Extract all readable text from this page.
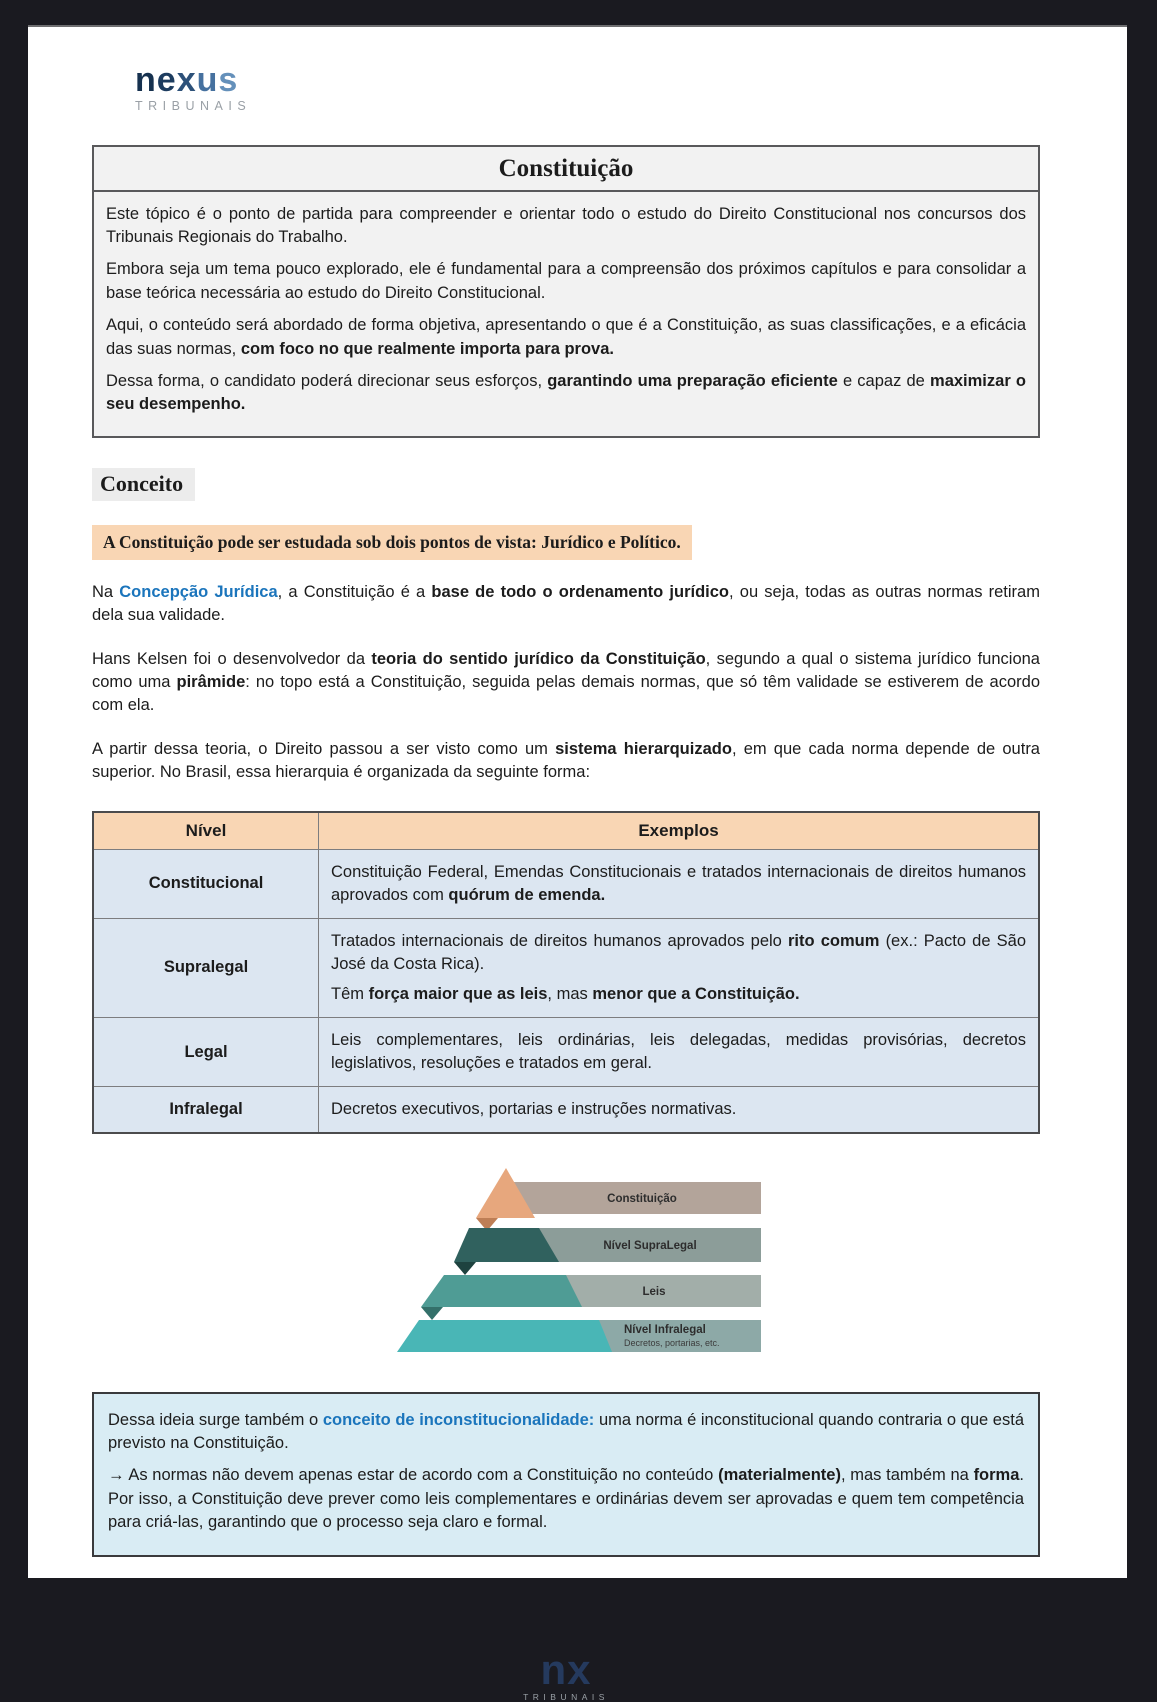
nexus
TRIBUNAIS
Constituição

Este tópico é o ponto de partida para compreender e orientar todo o estudo do Direito Constitucional nos concursos dos Tribunais Regionais do Trabalho.

Embora seja um tema pouco explorado, ele é fundamental para a compreensão dos próximos capítulos e para consolidar a base teórica necessária ao estudo do Direito Constitucional.

Aqui, o conteúdo será abordado de forma objetiva, apresentando o que é a Constituição, as suas classificações, e a eficácia das suas normas, com foco no que realmente importa para prova.

Dessa forma, o candidato poderá direcionar seus esforços, garantindo uma preparação eficiente e capaz de maximizar o seu desempenho.

Conceito
A Constituição pode ser estudada sob dois pontos de vista: Jurídico e Político.

Na Concepção Jurídica, a Constituição é a base de todo o ordenamento jurídico, ou seja, todas as outras normas retiram dela sua validade.

Hans Kelsen foi o desenvolvedor da teoria do sentido jurídico da Constituição, segundo a qual o sistema jurídico funciona como uma pirâmide: no topo está a Constituição, seguida pelas demais normas, que só têm validade se estiverem de acordo com ela.

A partir dessa teoria, o Direito passou a ser visto como um sistema hierarquizado, em que cada norma depende de outra superior. No Brasil, essa hierarquia é organizada da seguinte forma:

Nível	Exemplos
Constitucional	Constituição Federal, Emendas Constitucionais e tratados internacionais de direitos humanos aprovados com quórum de emenda.

Supralegal	Tratados internacionais de direitos humanos aprovados pelo rito comum (ex.: Pacto de São José da Costa Rica).

Têm força maior que as leis, mas menor que a Constituição.

Legal	Leis complementares, leis ordinárias, leis delegadas, medidas provisórias, decretos legislativos, resoluções e tratados em geral.

Infralegal	Decretos executivos, portarias e instruções normativas.

Constituição
Nível SupraLegal
Leis
Nível Infralegal
Decretos, portarias, etc.

Dessa ideia surge também o conceito de inconstitucionalidade: uma norma é inconstitucional quando contraria o que está previsto na Constituição.

→ As normas não devem apenas estar de acordo com a Constituição no conteúdo (materialmente), mas também na forma. Por isso, a Constituição deve prever como leis complementares e ordinárias devem ser aprovadas e quem tem competência para criá-las, garantindo que o processo seja claro e formal.

nx
TRIBUNAIS
